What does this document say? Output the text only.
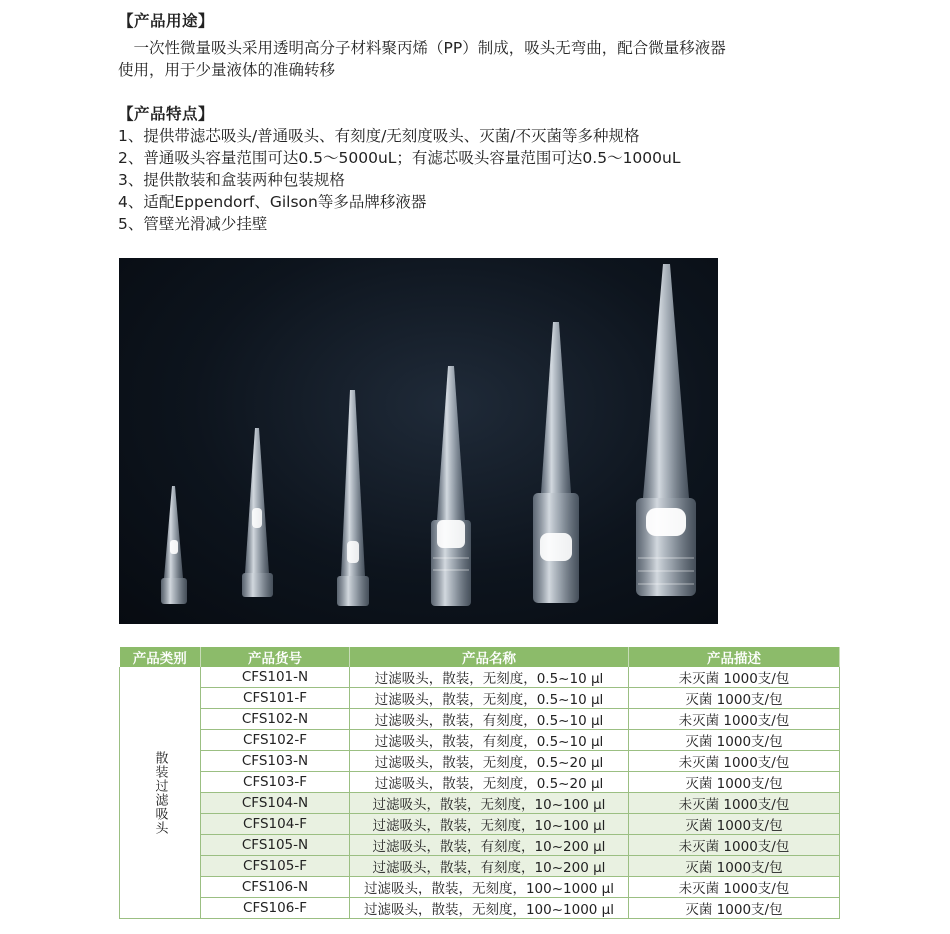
【产品用途】
　一次性微量吸头采用透明高分子材料聚丙烯（PP）制成，吸头无弯曲，配合微量移液器
使用，用于少量液体的准确转移
【产品特点】
1、提供带滤芯吸头/普通吸头、有刻度/无刻度吸头、灭菌/不灭菌等多种规格
2、普通吸头容量范围可达0.5～5000uL；有滤芯吸头容量范围可达0.5～1000uL
3、提供散装和盒装两种包装规格
4、适配Eppendorf、Gilson等多品牌移液器
5、管壁光滑减少挂壁
产品类别	产品货号	产品名称	产品描述
散装过滤吸头	CFS101-N	过滤吸头，散装，无刻度，0.5~10 μl	未灭菌 1000支/包
	CFS101-F	过滤吸头，散装，无刻度，0.5~10 μl	灭菌 1000支/包
	CFS102-N	过滤吸头，散装，有刻度，0.5~10 μl	未灭菌 1000支/包
	CFS102-F	过滤吸头，散装，有刻度，0.5~10 μl	灭菌 1000支/包
	CFS103-N	过滤吸头，散装，无刻度，0.5~20 μl	未灭菌 1000支/包
	CFS103-F	过滤吸头，散装，无刻度，0.5~20 μl	灭菌 1000支/包
	CFS104-N	过滤吸头，散装，无刻度，10~100 μl	未灭菌 1000支/包
	CFS104-F	过滤吸头，散装，无刻度，10~100 μl	灭菌 1000支/包
	CFS105-N	过滤吸头，散装，有刻度，10~200 μl	未灭菌 1000支/包
	CFS105-F	过滤吸头，散装，有刻度，10~200 μl	灭菌 1000支/包
	CFS106-N	过滤吸头，散装，无刻度，100~1000 μl	未灭菌 1000支/包
	CFS106-F	过滤吸头，散装，无刻度，100~1000 μl	灭菌 1000支/包
